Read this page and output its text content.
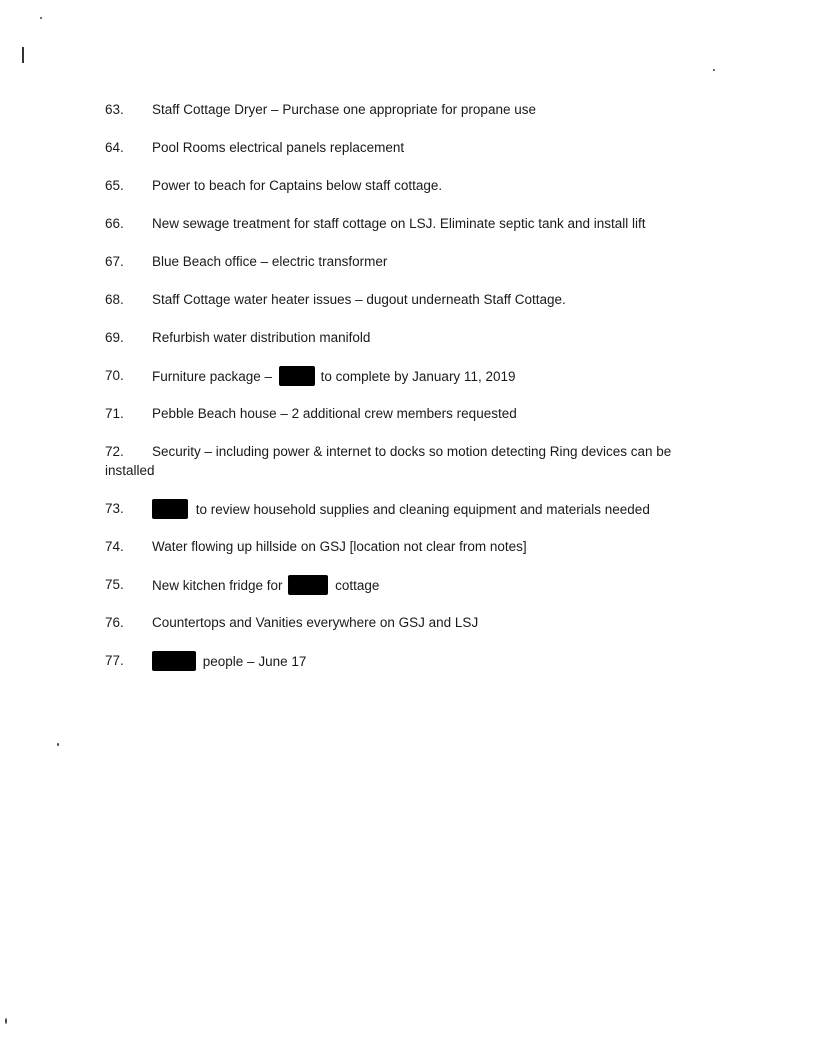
63. Staff Cottage Dryer – Purchase one appropriate for propane use
64. Pool Rooms electrical panels replacement
65. Power to beach for Captains below staff cottage.
66. New sewage treatment for staff cottage on LSJ. Eliminate septic tank and install lift
67. Blue Beach office – electric transformer
68. Staff Cottage water heater issues – dugout underneath Staff Cottage.
69. Refurbish water distribution manifold
70. Furniture package –	to complete by January 11, 2019
71. Pebble Beach house – 2 additional crew members requested
72.	Security – including power & internet to docks so motion detecting Ring devices can be
installed
73.	to review household supplies and cleaning equipment and materials needed
74. Water flowing up hillside on GSJ [location not clear from notes]
75. New kitchen fridge for	cottage
76. Countertops and Vanities everywhere on GSJ and LSJ
77.	people – June 17
